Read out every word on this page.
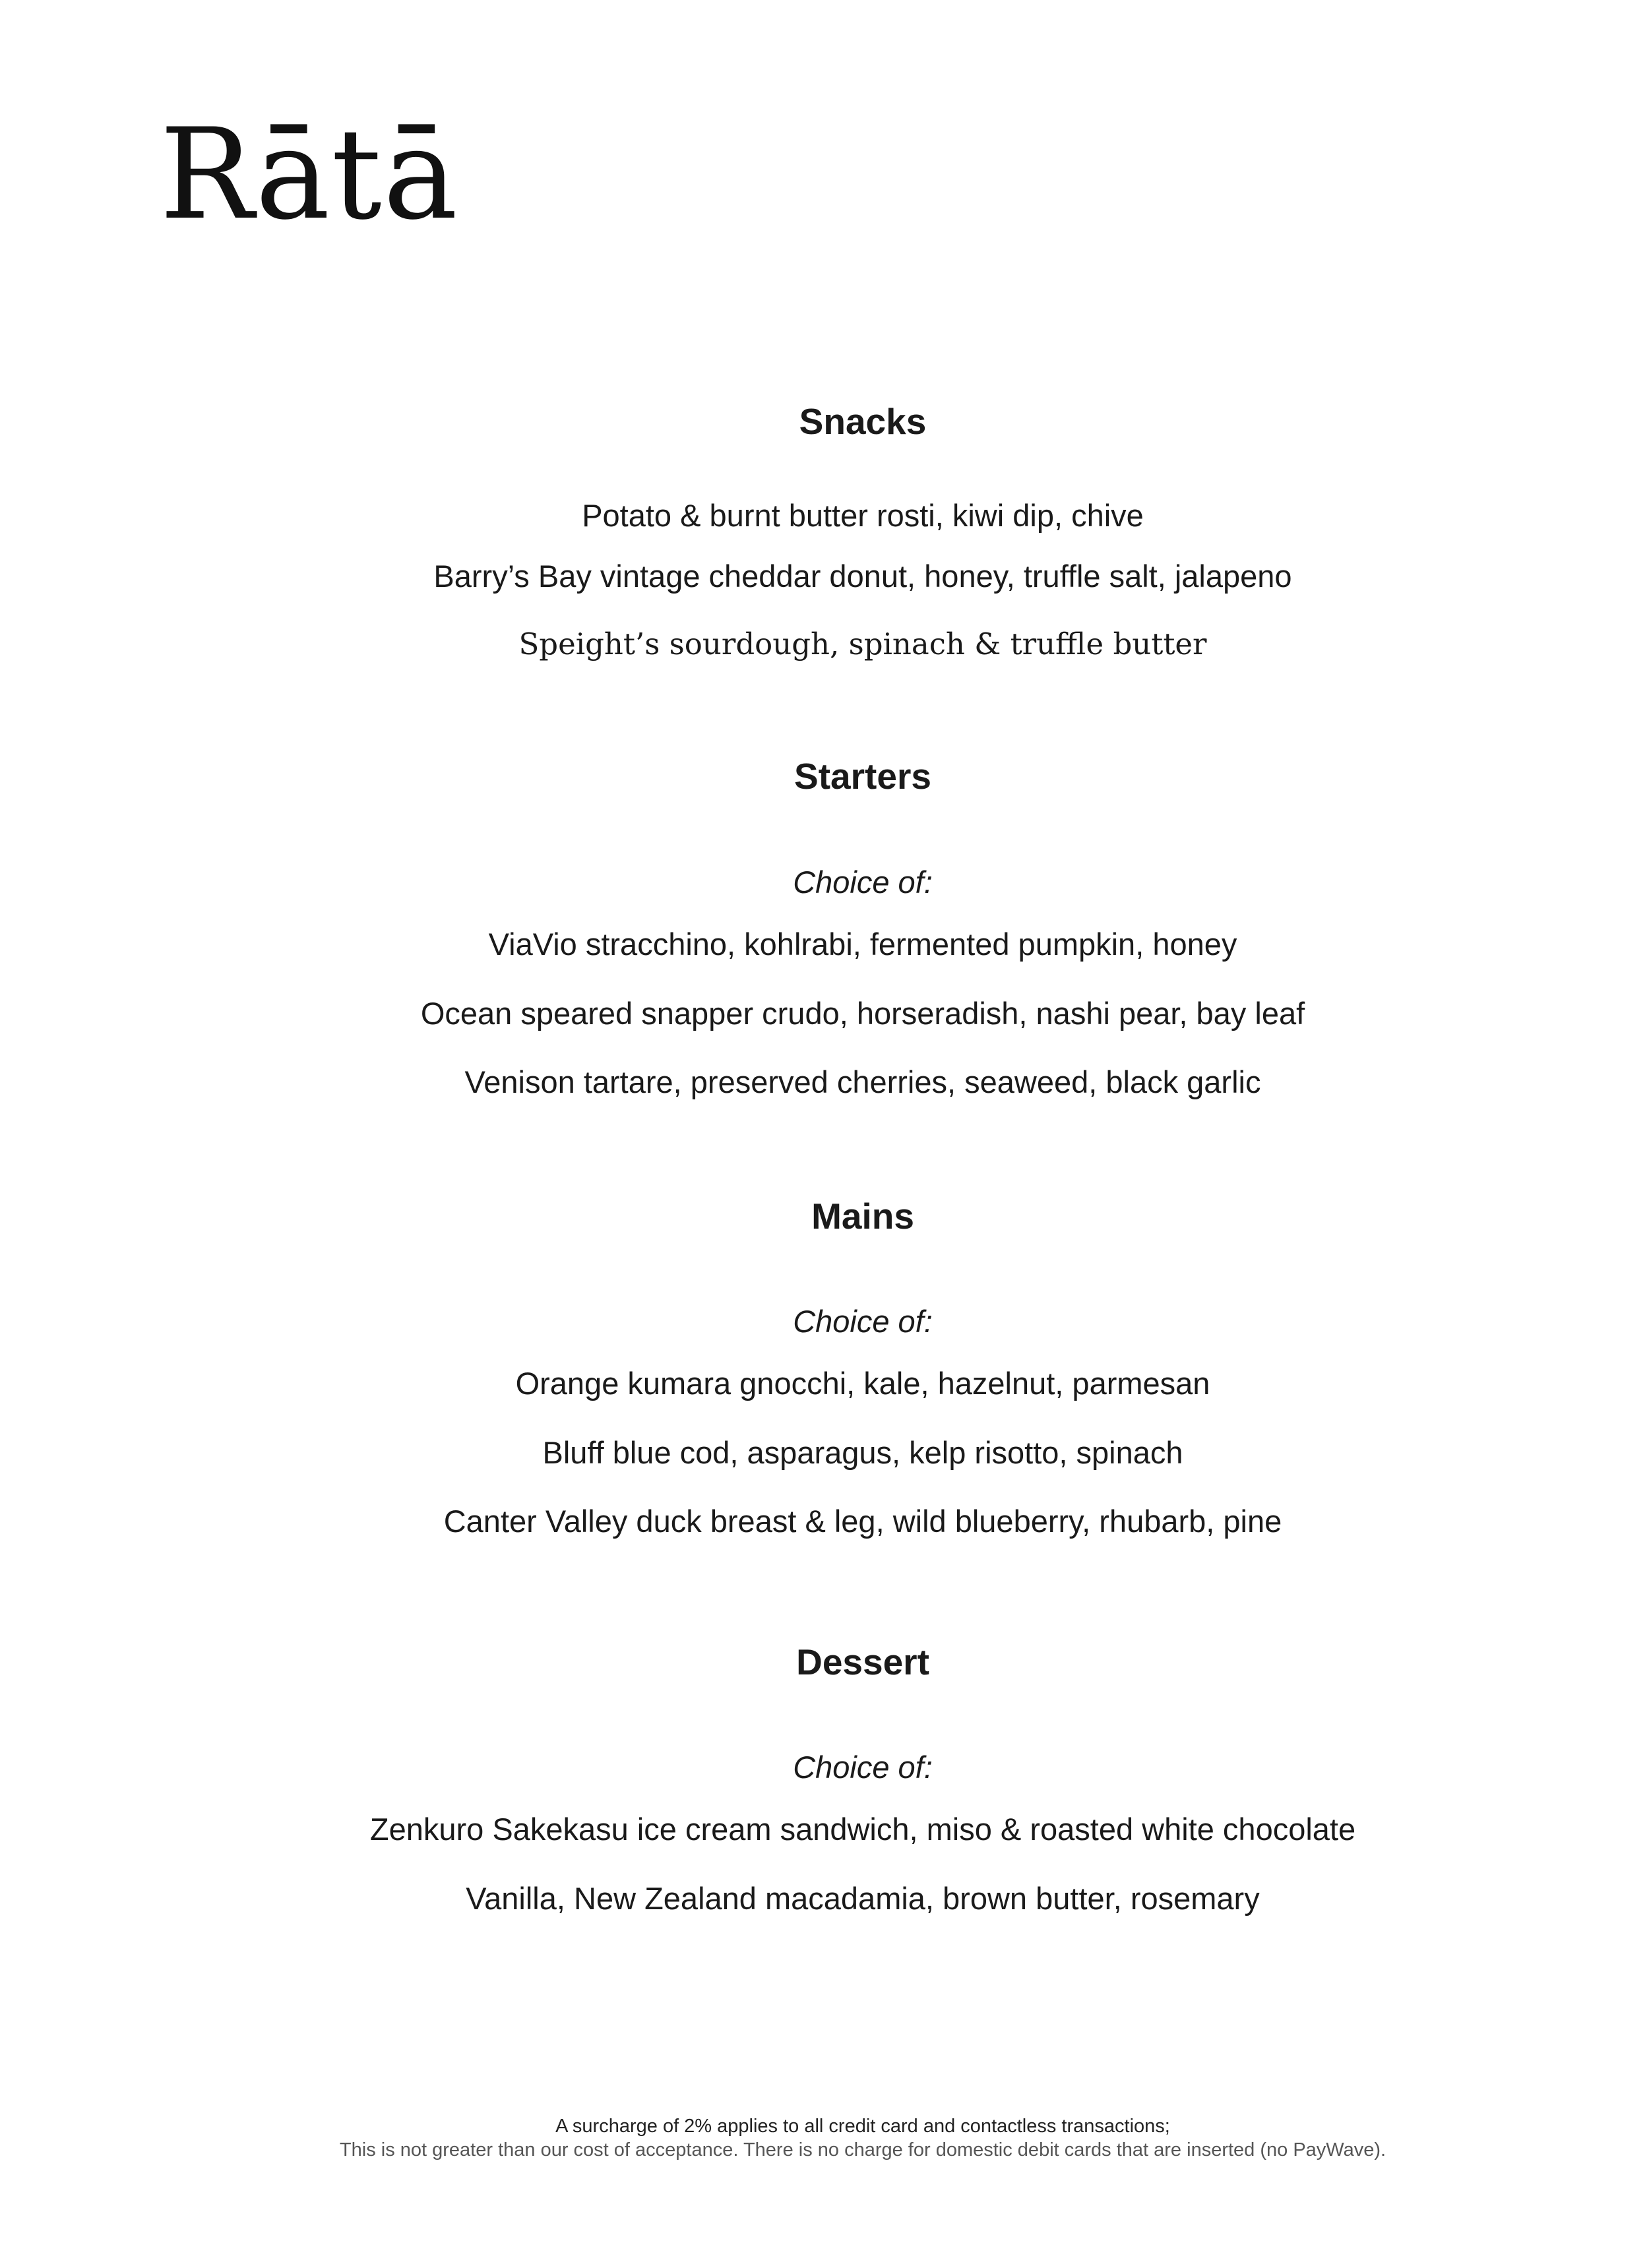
Rātā
Snacks
Potato & burnt butter rosti, kiwi dip, chive
Barry’s Bay vintage cheddar donut, honey, truffle salt, jalapeno
Speight’s sourdough, spinach & truffle butter
Starters
Choice of:
ViaVio stracchino, kohlrabi, fermented pumpkin, honey
Ocean speared snapper crudo, horseradish, nashi pear, bay leaf
Venison tartare, preserved cherries, seaweed, black garlic
Mains
Choice of:
Orange kumara gnocchi, kale, hazelnut, parmesan
Bluff blue cod, asparagus, kelp risotto, spinach
Canter Valley duck breast & leg, wild blueberry, rhubarb, pine
Dessert
Choice of:
Zenkuro Sakekasu ice cream sandwich, miso & roasted white chocolate
Vanilla, New Zealand macadamia, brown butter, rosemary
A surcharge of 2% applies to all credit card and contactless transactions;
This is not greater than our cost of acceptance. There is no charge for domestic debit cards that are inserted (no PayWave).
